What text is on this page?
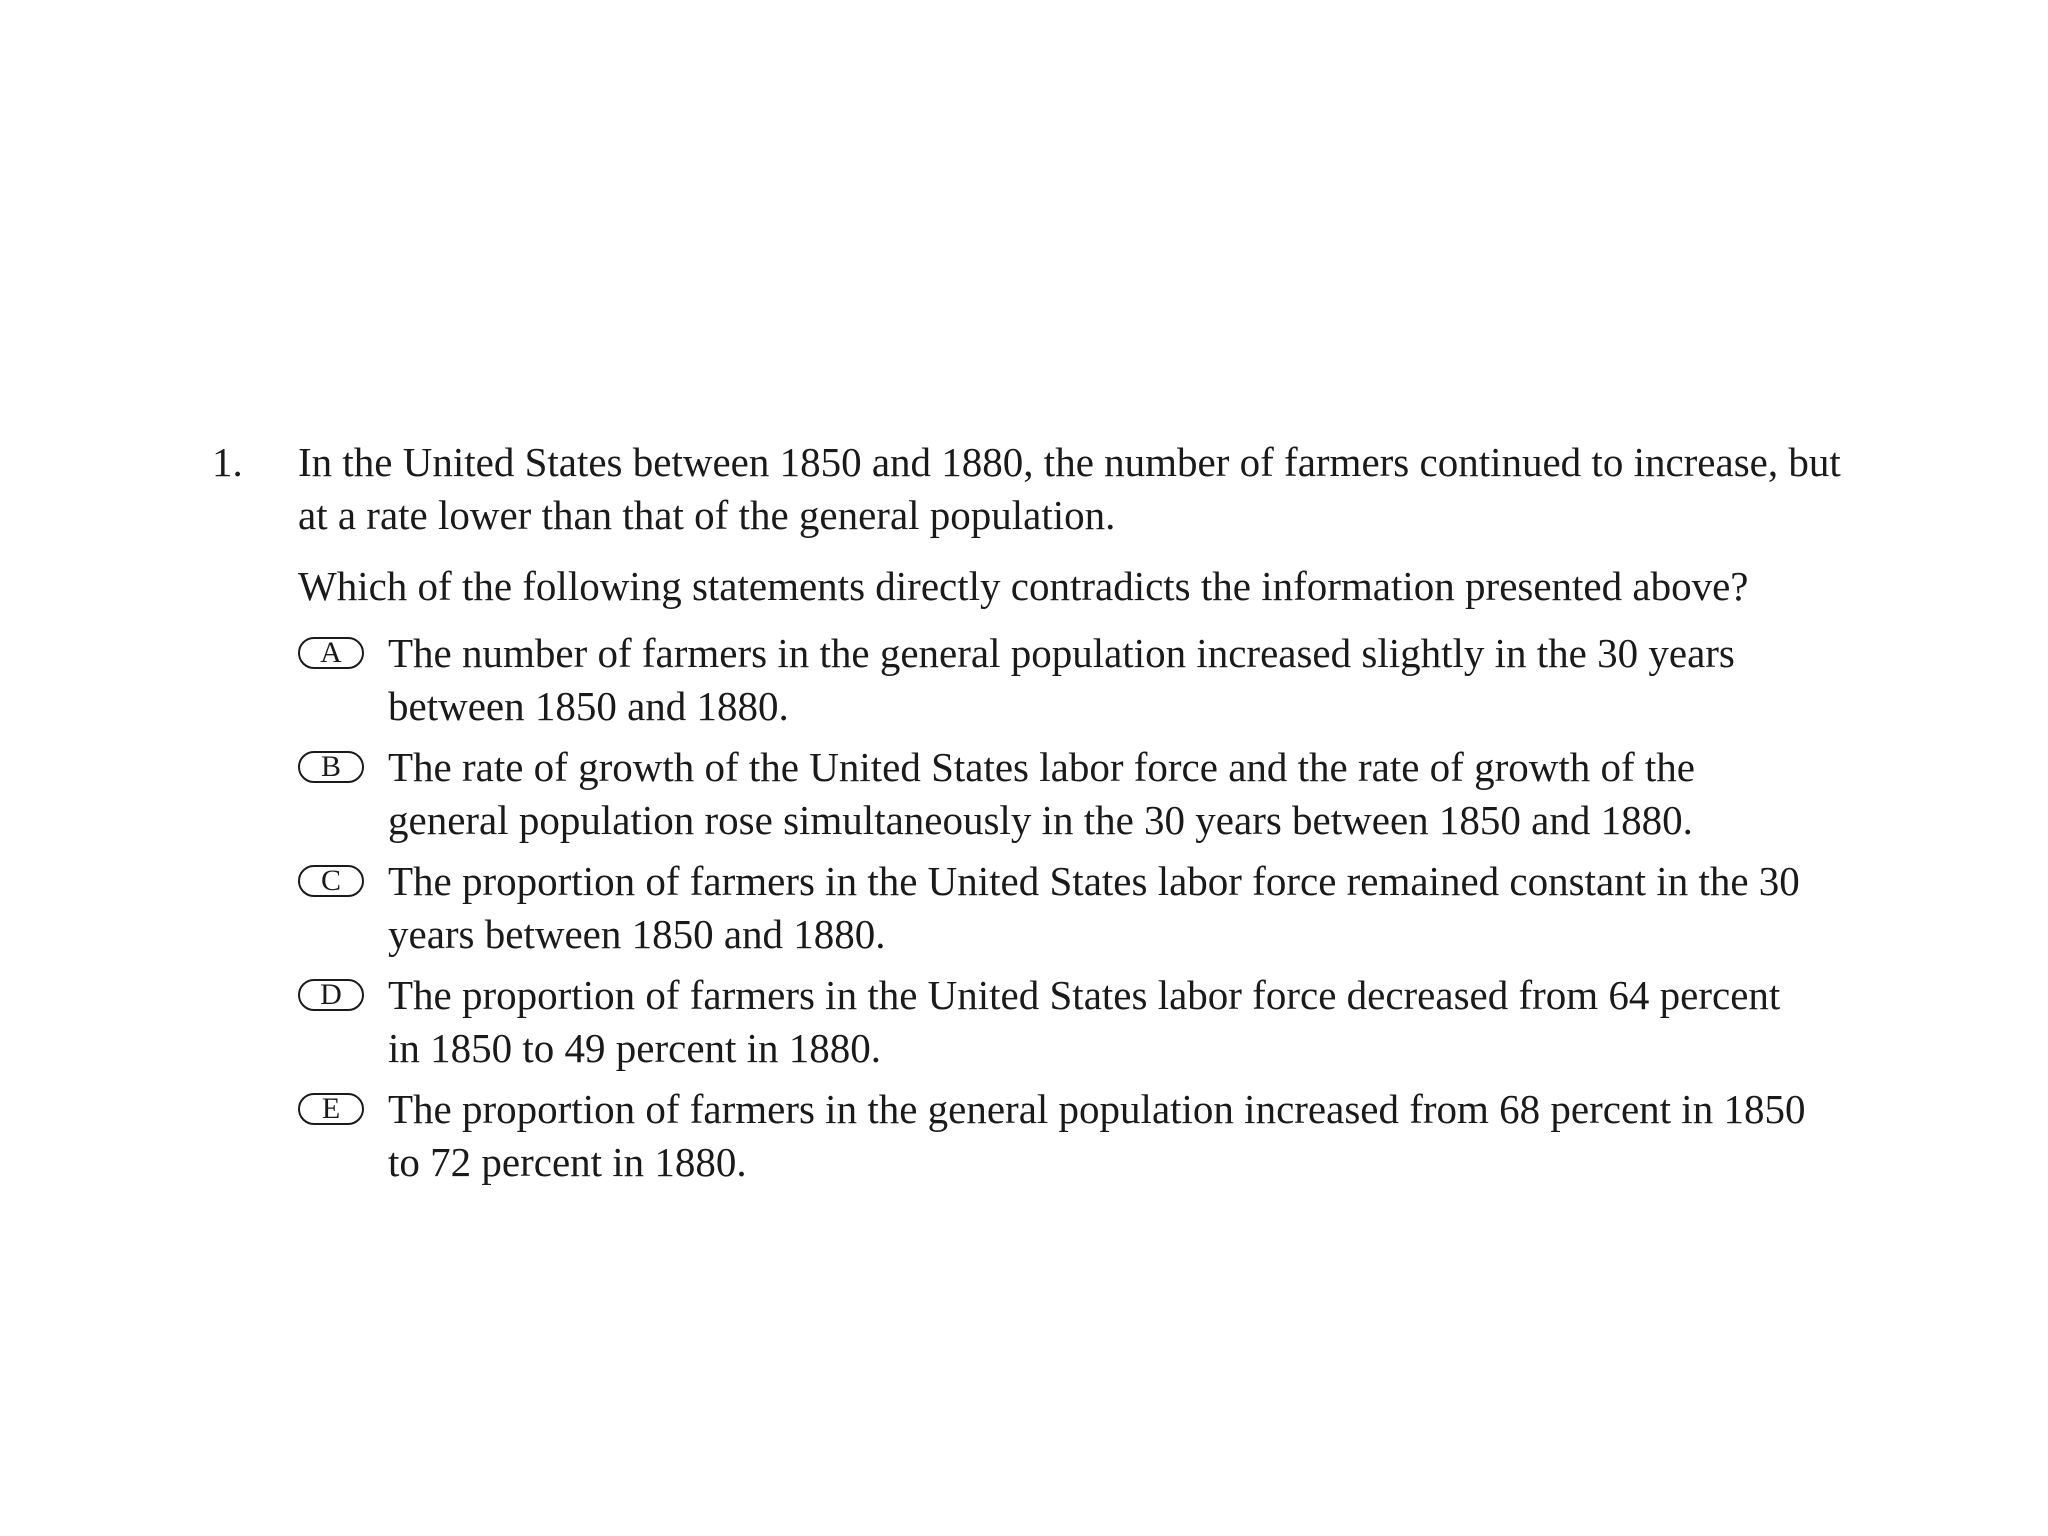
1. In the United States between 1850 and 1880, the number of farmers continued to increase, but at a rate lower than that of the general population.

Which of the following statements directly contradicts the information presented above?

A	The number of farmers in the general population increased slightly in the 30 years between 1850 and 1880.
B	The rate of growth of the United States labor force and the rate of growth of the general population rose simultaneously in the 30 years between 1850 and 1880.
C	The proportion of farmers in the United States labor force remained constant in the 30 years between 1850 and 1880.
D	The proportion of farmers in the United States labor force decreased from 64 percent in 1850 to 49 percent in 1880.
E	The proportion of farmers in the general population increased from 68 percent in 1850 to 72 percent in 1880.
